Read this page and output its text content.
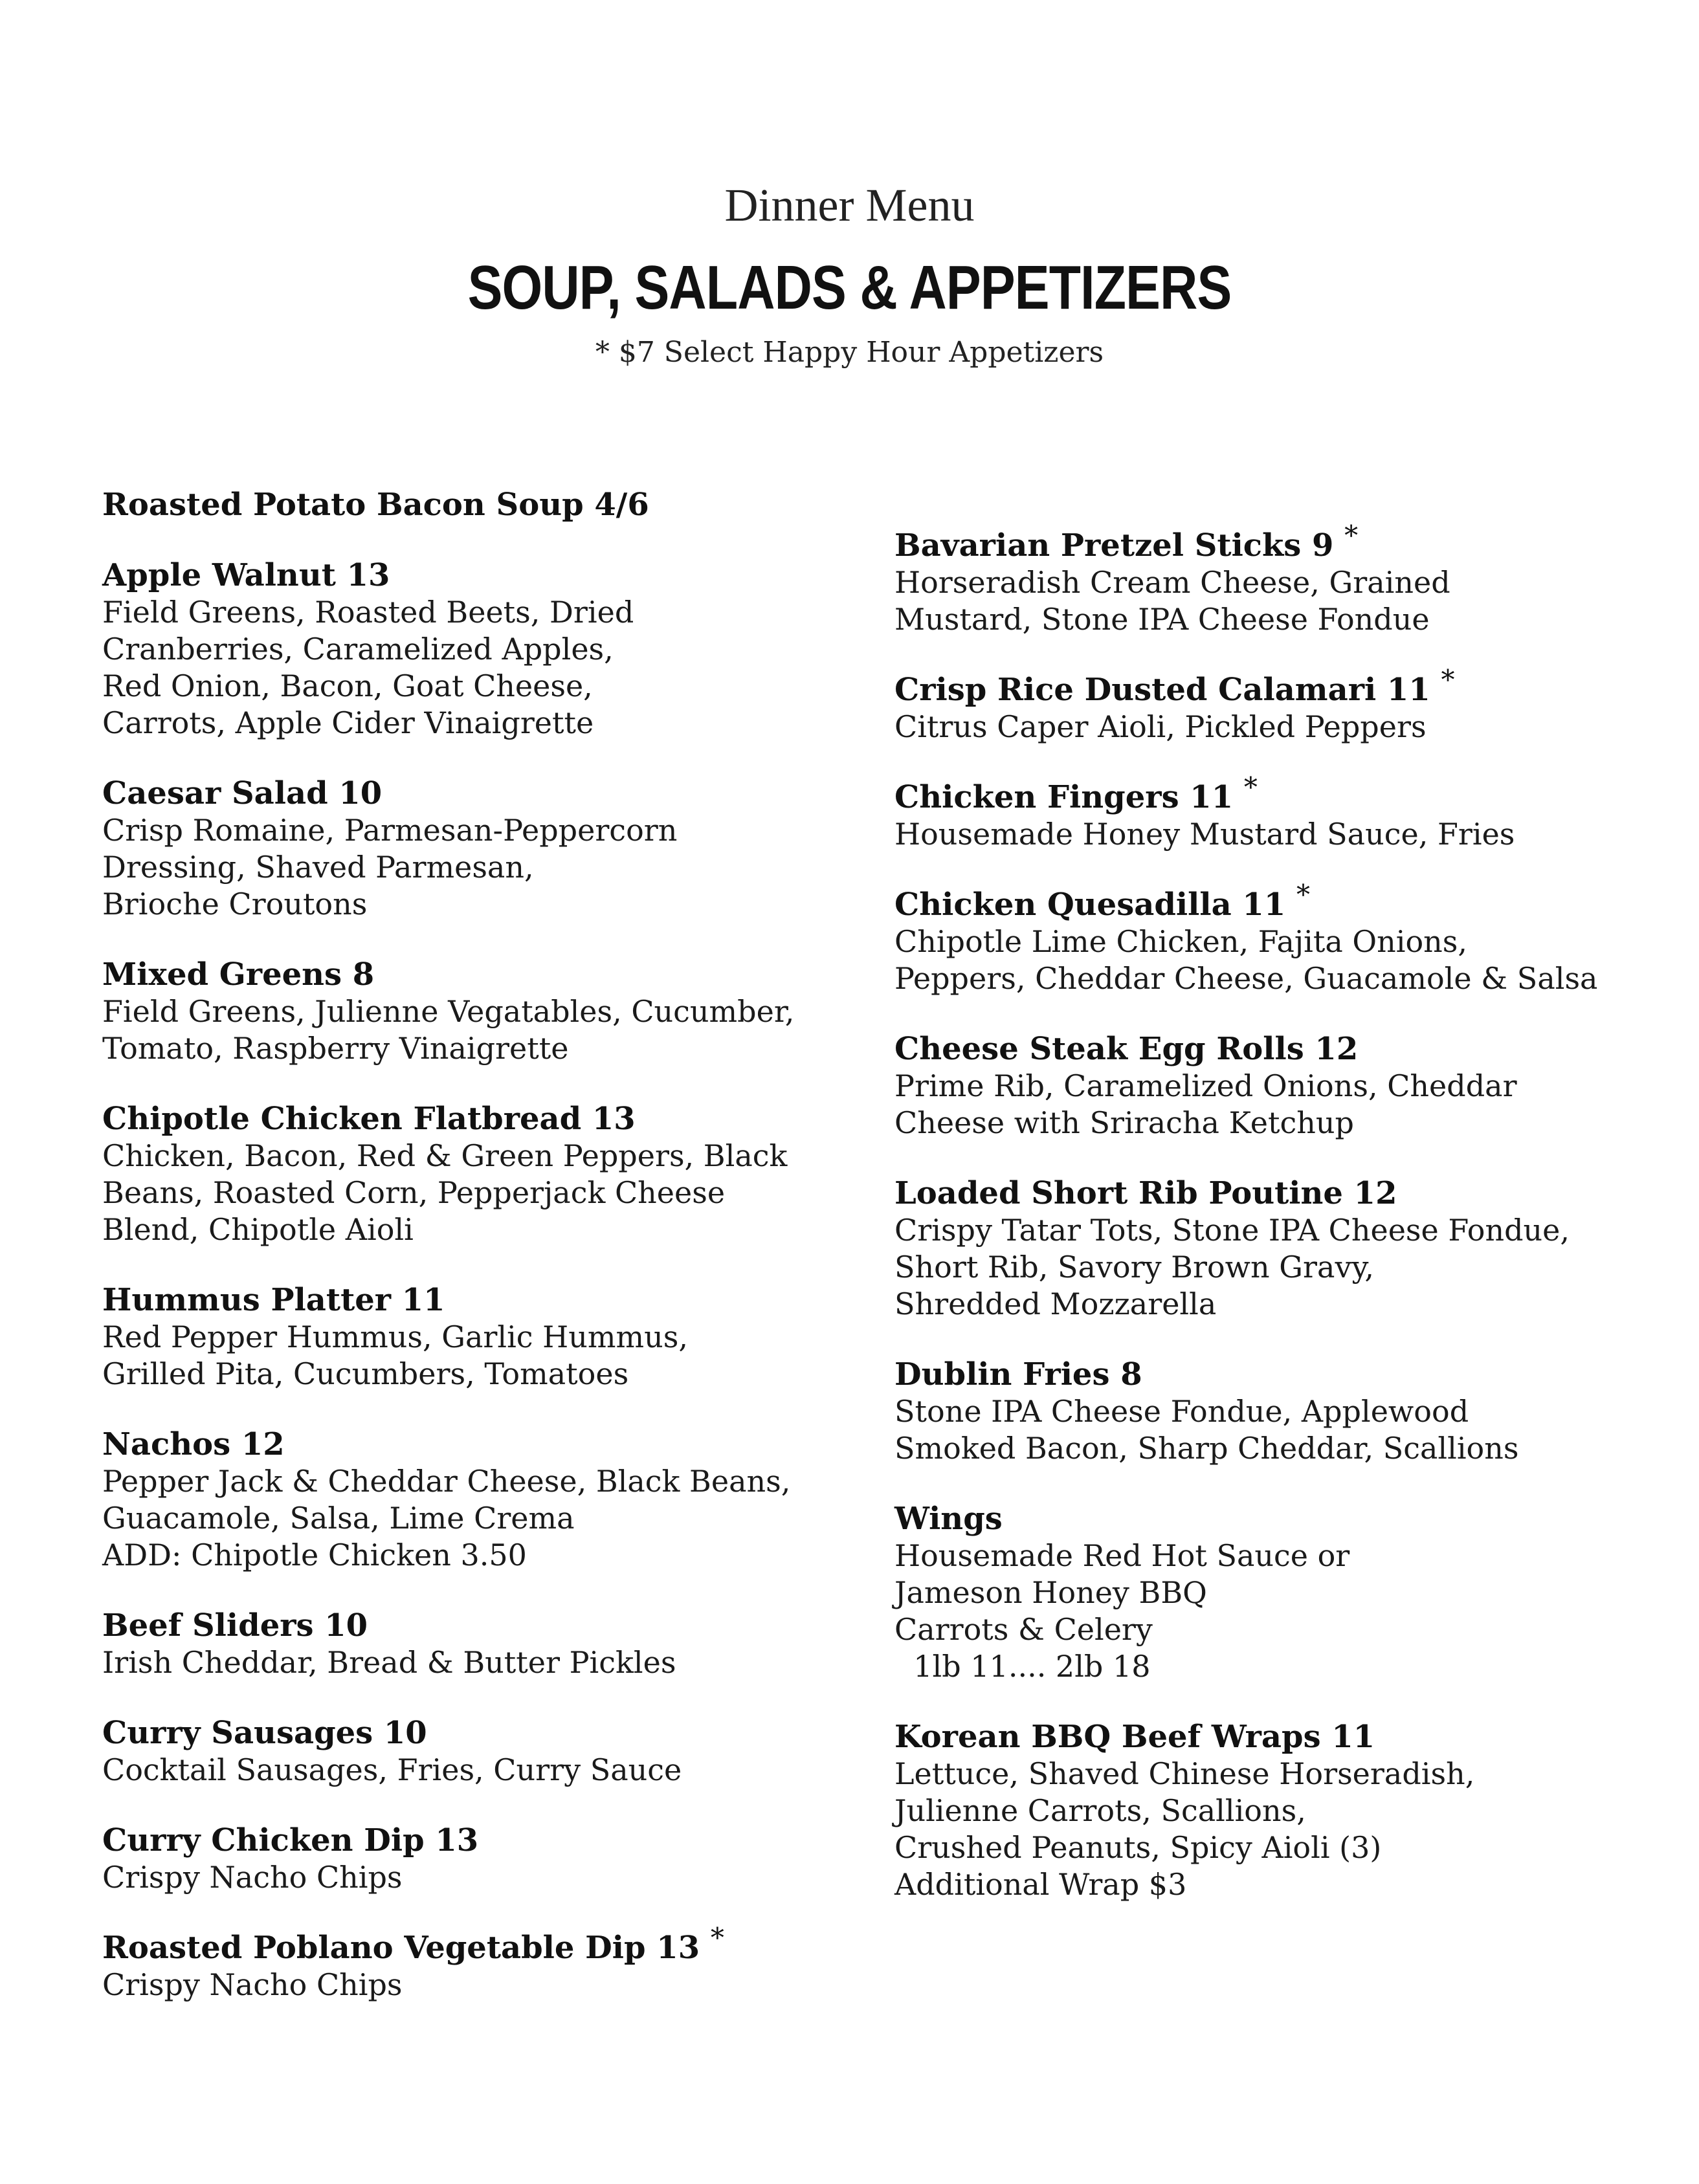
Dinner Menu
SOUP, SALADS & APPETIZERS
* $7 Select Happy Hour Appetizers
Roasted Potato Bacon Soup 4/6
Apple Walnut 13
Field Greens, Roasted Beets, Dried
Cranberries, Caramelized Apples,
Red Onion, Bacon, Goat Cheese,
Carrots, Apple Cider Vinaigrette
Caesar Salad 10
Crisp Romaine, Parmesan-Peppercorn
Dressing, Shaved Parmesan,
Brioche Croutons
Mixed Greens 8
Field Greens, Julienne Vegatables, Cucumber,
Tomato, Raspberry Vinaigrette
Chipotle Chicken Flatbread 13
Chicken, Bacon, Red & Green Peppers, Black
Beans, Roasted Corn, Pepperjack Cheese
Blend, Chipotle Aioli
Hummus Platter 11
Red Pepper Hummus, Garlic Hummus,
Grilled Pita, Cucumbers, Tomatoes
Nachos 12
Pepper Jack & Cheddar Cheese, Black Beans,
Guacamole, Salsa, Lime Crema
ADD: Chipotle Chicken 3.50
Beef Sliders 10
Irish Cheddar, Bread & Butter Pickles
Curry Sausages 10
Cocktail Sausages, Fries, Curry Sauce
Curry Chicken Dip 13
Crispy Nacho Chips
Roasted Poblano Vegetable Dip 13 *
Crispy Nacho Chips
Bavarian Pretzel Sticks 9 *
Horseradish Cream Cheese, Grained
Mustard, Stone IPA Cheese Fondue
Crisp Rice Dusted Calamari 11 *
Citrus Caper Aioli, Pickled Peppers
Chicken Fingers 11 *
Housemade Honey Mustard Sauce, Fries
Chicken Quesadilla 11 *
Chipotle Lime Chicken, Fajita Onions,
Peppers, Cheddar Cheese, Guacamole & Salsa
Cheese Steak Egg Rolls 12
Prime Rib, Caramelized Onions, Cheddar
Cheese with Sriracha Ketchup
Loaded Short Rib Poutine 12
Crispy Tatar Tots, Stone IPA Cheese Fondue,
Short Rib, Savory Brown Gravy,
Shredded Mozzarella
Dublin Fries 8
Stone IPA Cheese Fondue, Applewood
Smoked Bacon, Sharp Cheddar, Scallions
Wings
Housemade Red Hot Sauce or
Jameson Honey BBQ
Carrots & Celery
1lb 11.... 2lb 18
Korean BBQ Beef Wraps 11
Lettuce, Shaved Chinese Horseradish,
Julienne Carrots, Scallions,
Crushed Peanuts, Spicy Aioli (3)
Additional Wrap $3
